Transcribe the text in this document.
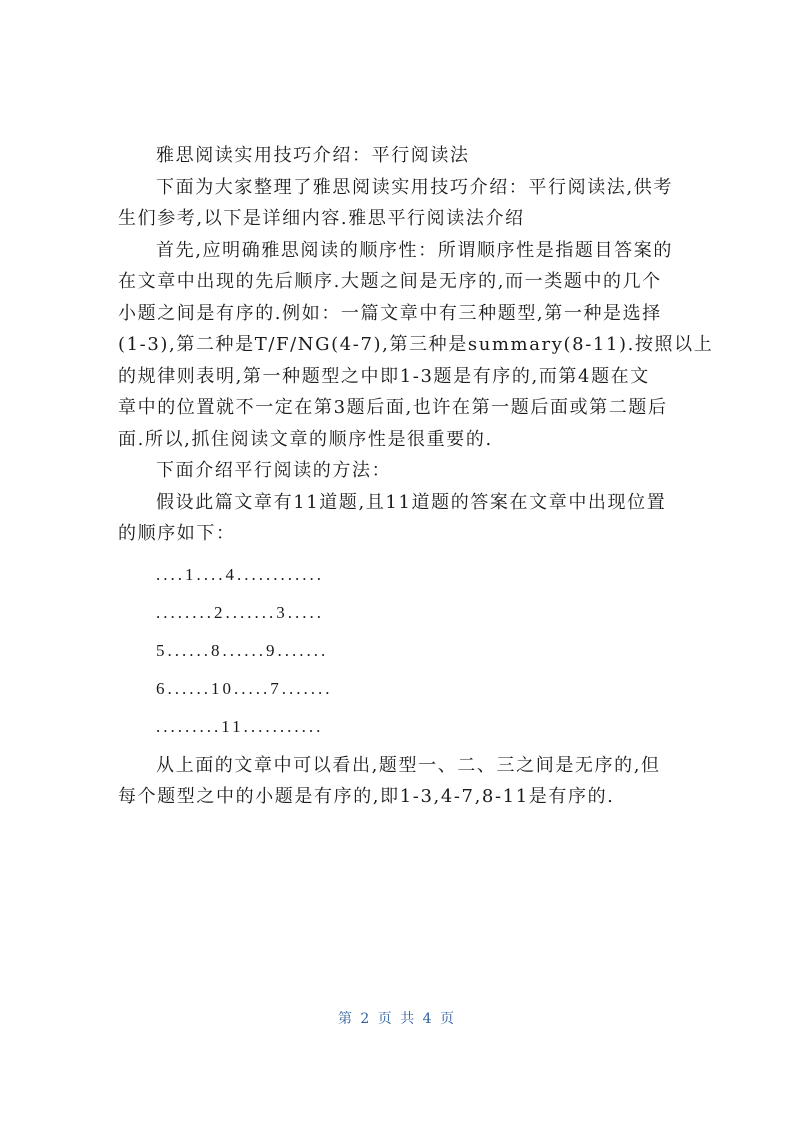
雅思阅读实用技巧介绍：平行阅读法

下面为大家整理了雅思阅读实用技巧介绍：平行阅读法,供考

生们参考,以下是详细内容.雅思平行阅读法介绍

首先,应明确雅思阅读的顺序性：所谓顺序性是指题目答案的

在文章中出现的先后顺序.大题之间是无序的,而一类题中的几个

小题之间是有序的.例如：一篇文章中有三种题型,第一种是选择

(1-3),第二种是T/F/NG(4-7),第三种是summary(8-11).按照以上

的规律则表明,第一种题型之中即1-3题是有序的,而第4题在文

章中的位置就不一定在第3题后面,也许在第一题后面或第二题后

面.所以,抓住阅读文章的顺序性是很重要的.

下面介绍平行阅读的方法：

假设此篇文章有11道题,且11道题的答案在文章中出现位置

的顺序如下：

....1....4............

........2.......3.....

5......8......9.......

6......10.....7.......

.........11...........

从上面的文章中可以看出,题型一、二、三之间是无序的,但

每个题型之中的小题是有序的,即1-3,4-7,8-11是有序的.

第 2 页 共 4 页
